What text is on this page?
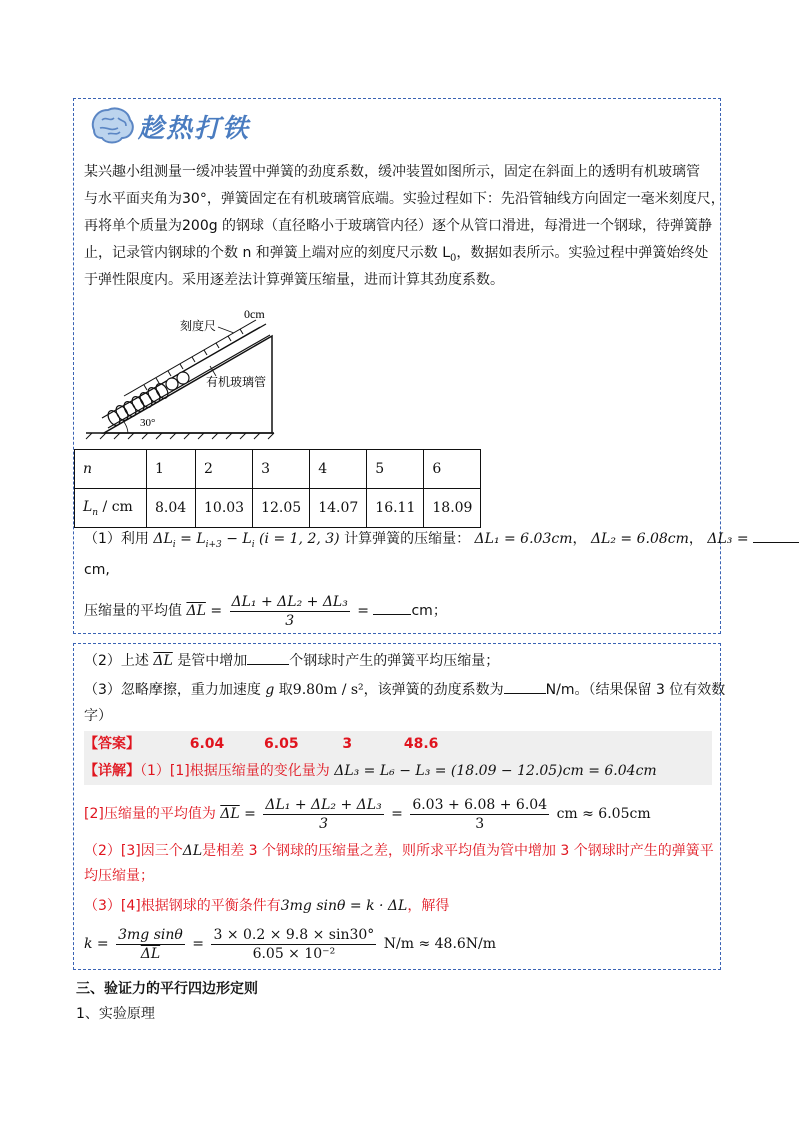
趁热打铁
某兴趣小组测量一缓冲装置中弹簧的劲度系数，缓冲装置如图所示，固定在斜面上的透明有机玻璃管
与水平面夹角为30°，弹簧固定在有机玻璃管底端。实验过程如下：先沿管轴线方向固定一毫米刻度尺，
再将单个质量为200g 的钢球（直径略小于玻璃管内径）逐个从管口滑进，每滑进一个钢球，待弹簧静
止，记录管内钢球的个数 n 和弹簧上端对应的刻度尺示数 $L_0$，数据如表所示。实验过程中弹簧始终处
于弹性限度内。采用逐差法计算弹簧压缩量，进而计算其劲度系数。
0cm
刻度尺
有机玻璃管
30°
n	1	2	3	4	5	6
$L_n$ / cm	8.04	10.03	12.05	14.07	16.11	18.09
（1）利用 $\Delta L_i = L_{i+3} - L_i$ (i = 1, 2, 3) 计算弹簧的压缩量： ΔL₁ = 6.03cm， ΔL₂ = 6.08cm， ΔL₃ =
cm,
压缩量的平均值 $\overline{\Delta L} = \frac{\text{ΔL₁ + ΔL₂ + ΔL₃}}{3}$ =	cm；
（2）上述 $\overline{\Delta L}$ 是管中增加	个钢球时产生的弹簧平均压缩量；
（3）忽略摩擦，重力加速度 g 取9.80m / s²，该弹簧的劲度系数为	N/m。（结果保留 3 位有效数
字）
【答案】	6.04	6.05	3	48.6
【详解】（1）[1]根据压缩量的变化量为 ΔL₃ = L₆ − L₃ = (18.09 − 12.05)cm = 6.04cm
[2]压缩量的平均值为 $\overline{\Delta L} = \frac{\text{ΔL₁ + ΔL₂ + ΔL₃}}{3} = \frac{6.03 + 6.08 + 6.04}{3}$ cm ≈ 6.05cm
（2）[3]因三个ΔL是相差 3 个钢球的压缩量之差，则所求平均值为管中增加 3 个钢球时产生的弹簧平
均压缩量；
（3）[4]根据钢球的平衡条件有3mg sinθ = k · ΔL，解得
$k = \frac{\text{3mg sinθ}}{\Delta L} = \frac{3 \times 0.2 \times 9.8 \times \sin 30^\circ}{\text{6.05 × 10⁻²}} N/m \approx 48.6N/m$
三、验证力的平行四边形定则
1、实验原理
